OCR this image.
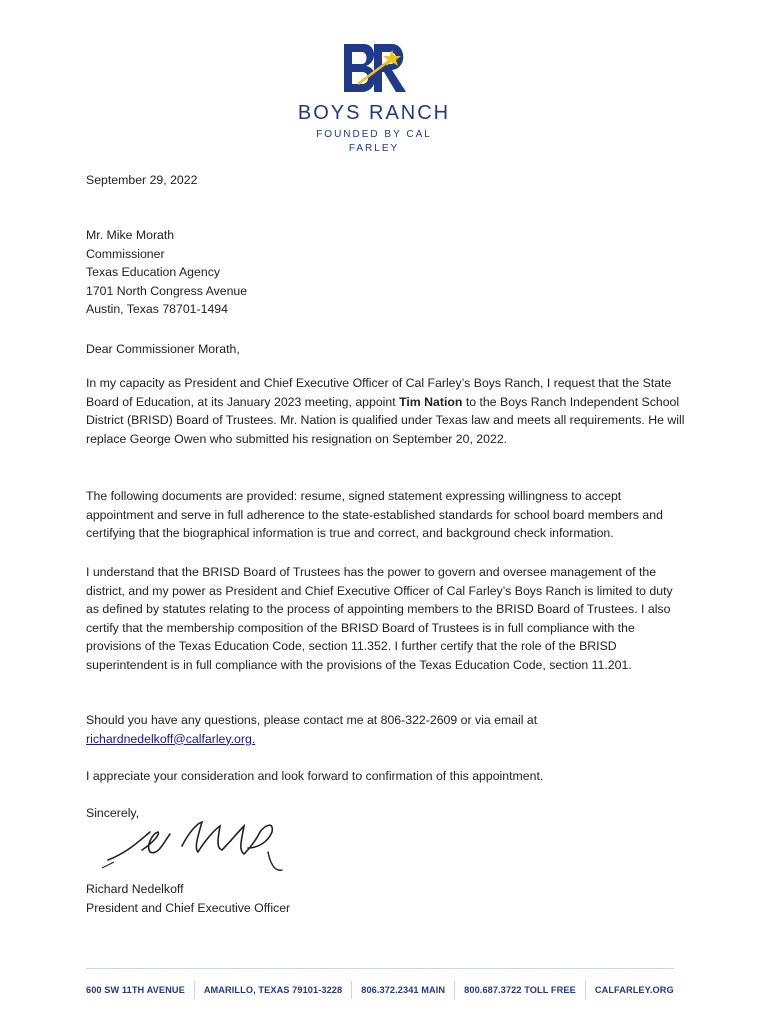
BOYS RANCH
FOUNDED BY CAL FARLEY
September 29, 2022
Mr. Mike Morath
Commissioner
Texas Education Agency
1701 North Congress Avenue
Austin, Texas 78701-1494
Dear Commissioner Morath,

In my capacity as President and Chief Executive Officer of Cal Farley’s Boys Ranch, I request that the State Board of Education, at its January 2023 meeting, appoint Tim Nation to the Boys Ranch Independent School District (BRISD) Board of Trustees. Mr. Nation is qualified under Texas law and meets all requirements. He will replace George Owen who submitted his resignation on September 20, 2022.

The following documents are provided: resume, signed statement expressing willingness to accept appointment and serve in full adherence to the state-established standards for school board members and certifying that the biographical information is true and correct, and background check information.

I understand that the BRISD Board of Trustees has the power to govern and oversee management of the district, and my power as President and Chief Executive Officer of Cal Farley’s Boys Ranch is limited to duty as defined by statutes relating to the process of appointing members to the BRISD Board of Trustees. I also certify that the membership composition of the BRISD Board of Trustees is in full compliance with the provisions of the Texas Education Code, section 11.352. I further certify that the role of the BRISD superintendent is in full compliance with the provisions of the Texas Education Code, section 11.201.

Should you have any questions, please contact me at 806-322-2609 or via email at
richardnedelkoff@calfarley.org.

I appreciate your consideration and look forward to confirmation of this appointment.

Sincerely,
Richard Nedelkoff
President and Chief Executive Officer
600 SW 11TH AVENUE AMARILLO, TEXAS 79101-3228 806.372.2341 MAIN 800.687.3722 TOLL FREE CALFARLEY.ORG
